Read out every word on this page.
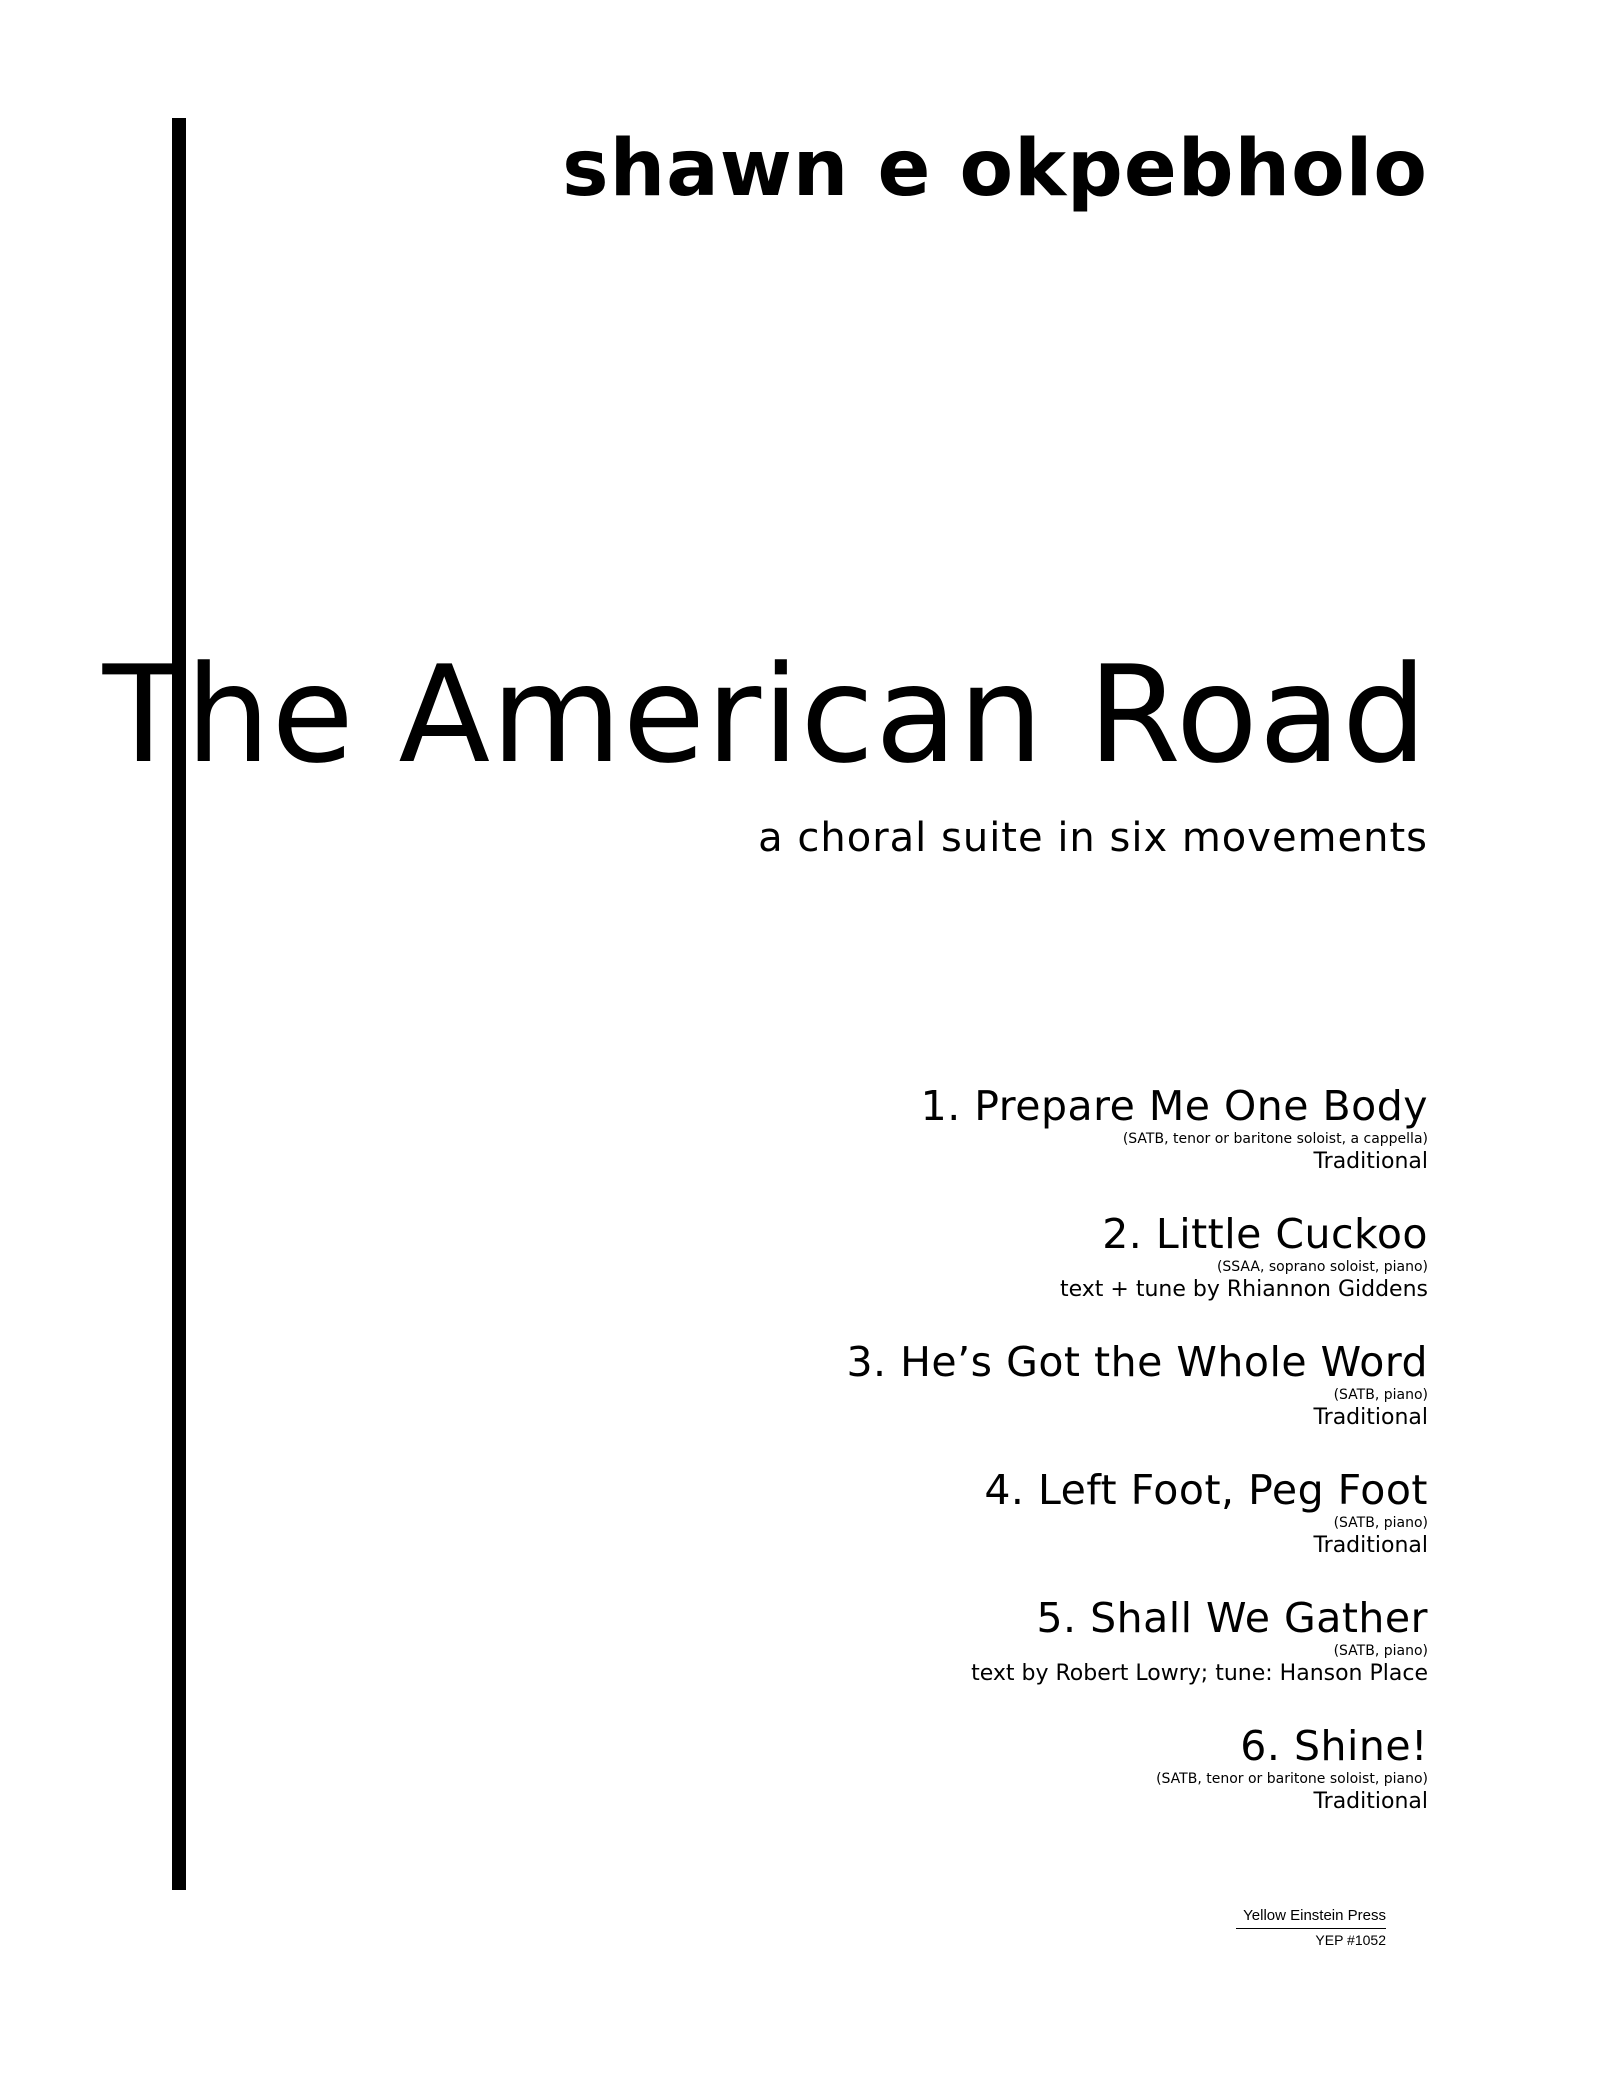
shawn e okpebholo
The American Road
a choral suite in six movements
1. Prepare Me One Body
(SATB, tenor or baritone soloist, a cappella)
Traditional
2. Little Cuckoo
(SSAA, soprano soloist, piano)
text + tune by Rhiannon Giddens
3. He’s Got the Whole Word
(SATB, piano)
Traditional
4. Left Foot, Peg Foot
(SATB, piano)
Traditional
5. Shall We Gather
(SATB, piano)
text by Robert Lowry; tune: Hanson Place
6. Shine!
(SATB, tenor or baritone soloist, piano)
Traditional
Yellow Einstein Press
YEP #1052
